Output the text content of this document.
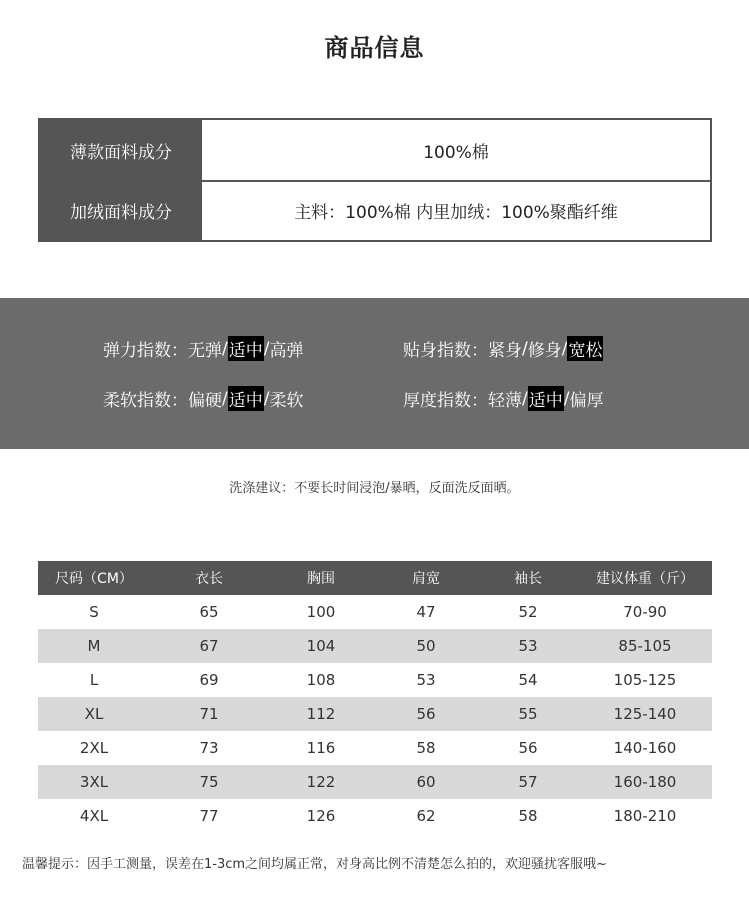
商品信息
薄款面料成分	100%棉
加绒面料成分	主料：100%棉 内里加绒：100%聚酯纤维
弹力指数： 无弹 / 适中 / 高弹	贴身指数： 紧身 / 修身 / 宽松
柔软指数： 偏硬 / 适中 / 柔软	厚度指数： 轻薄 / 适中 / 偏厚
洗涤建议：不要长时间浸泡/暴晒，反面洗反面晒。
尺码（CM）	衣长	胸围	肩宽	袖长	建议体重（斤）
S	65	100	47	52	70-90
M	67	104	50	53	85-105
L	69	108	53	54	105-125
XL	71	112	56	55	125-140
2XL	73	116	58	56	140-160
3XL	75	122	60	57	160-180
4XL	77	126	62	58	180-210
温馨提示：因手工测量，误差在1-3cm之间均属正常，对身高比例不清楚怎么拍的，欢迎骚扰客服哦~
